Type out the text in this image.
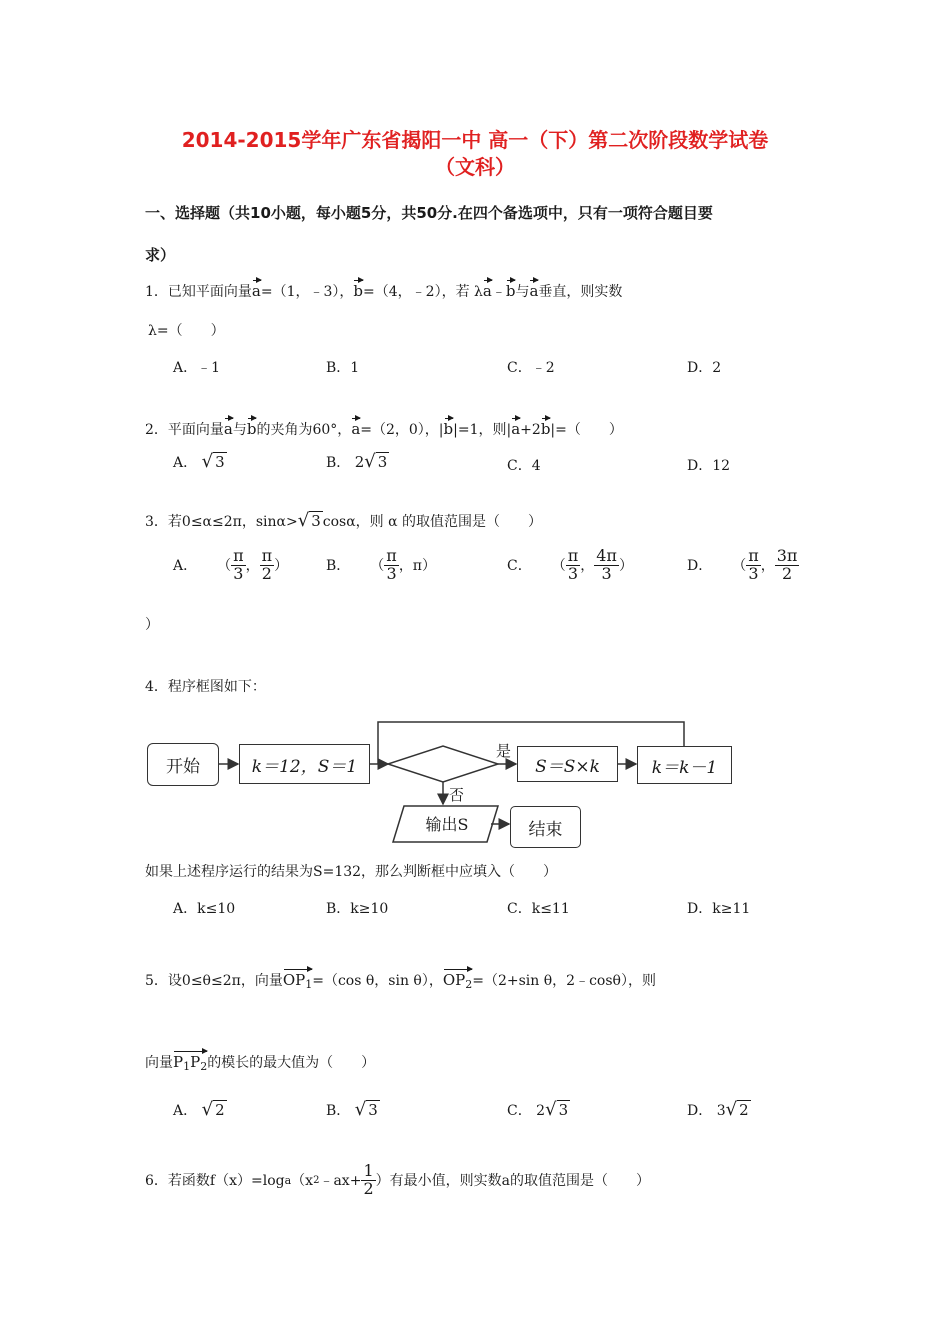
2014-2015学年广东省揭阳一中 高一（下）第二次阶段数学试卷
（文科）
一、选择题（共10小题，每小题5分，共50分.在四个备选项中，只有一项符合题目要
求）
1．已知平面向量a=（1，﹣3），b=（4，﹣2），若 λa﹣b与a垂直，则实数
λ=（　　）
A．﹣1	B．1	C．﹣2	D．2
2．平面向量a与b的夹角为60°，a=（2，0），|b|=1，则|a+2b|=（　　）
A． √ 3	B． 2√ 3	C．4	D．12
3．若0≤α≤2π，sinα>√ 3 cosα，则 α 的取值范围是（　　）
A． （ $\frac{\pi}{3}$ ， $\frac{\pi}{2}$ ）	B． （ $\frac{\pi}{3}$ ，π）	C． （ $\frac{\pi}{3}$ ， $\frac{4\pi}{3}$ ）	D． （ $\frac{\pi}{3}$ ， $\frac{3\pi}{2}$
）
4．程序框图如下：
开始	k＝12，S＝1
是
否
S＝S×k	k＝k－1
输出S	结束
如果上述程序运行的结果为S=132，那么判断框中应填入（　　）
A．k≤10	B．k≥10	C．k≤11	D．k≥11
5．设0≤θ≤2π，向量$OP_1=(\cos$ θ，sin θ），$OP_2=(2+\sin$ θ，2﹣cosθ），则
向量$P_1P_2$的模长的最大值为（　　）
A． √ 2	B． √ 3	C． 2√ 3	D． 3√ 2
6． 若函数f（x）=log a （x 2 ﹣ax+ $\frac{1}{2}$ ）有最小值，则实数a的取值范围是（　　）
